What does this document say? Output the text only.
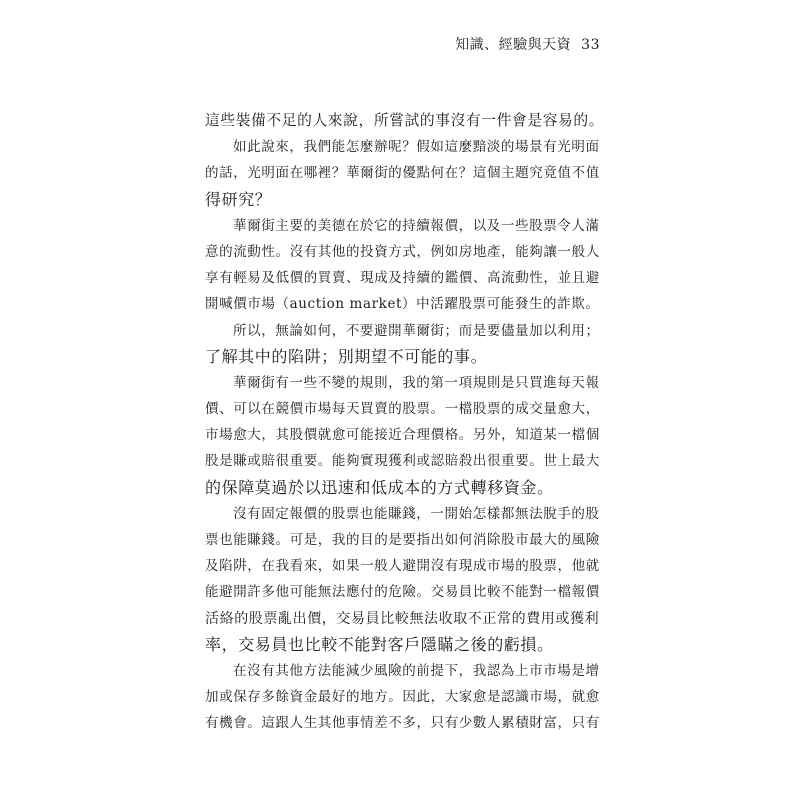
知識、經驗與天資 33
這些裝備不足的人來說，所嘗試的事沒有一件會是容易的。
如此說來，我們能怎麼辦呢？假如這麼黯淡的場景有光明面
的話，光明面在哪裡？華爾街的優點何在？這個主題究竟值不值
得研究？
華爾街主要的美德在於它的持續報價，以及一些股票令人滿
意的流動性。沒有其他的投資方式，例如房地產，能夠讓一般人
享有輕易及低價的買賣、現成及持續的鑑價、高流動性，並且避
開喊價市場（auction market）中活躍股票可能發生的詐欺。
所以，無論如何，不要避開華爾街；而是要儘量加以利用；
了解其中的陷阱；別期望不可能的事。
華爾街有一些不變的規則，我的第一項規則是只買進每天報
價、可以在競價市場每天買賣的股票。一檔股票的成交量愈大，
市場愈大，其股價就愈可能接近合理價格。另外，知道某一檔個
股是賺或賠很重要。能夠實現獲利或認賠殺出很重要。世上最大
的保障莫過於以迅速和低成本的方式轉移資金。
沒有固定報價的股票也能賺錢，一開始怎樣都無法脫手的股
票也能賺錢。可是，我的目的是要指出如何消除股市最大的風險
及陷阱，在我看來，如果一般人避開沒有現成市場的股票，他就
能避開許多他可能無法應付的危險。交易員比較不能對一檔報價
活絡的股票亂出價，交易員比較無法收取不正常的費用或獲利
率，交易員也比較不能對客戶隱瞞之後的虧損。
在沒有其他方法能減少風險的前提下，我認為上市市場是增
加或保存多餘資金最好的地方。因此，大家愈是認識市場，就愈
有機會。這跟人生其他事情差不多，只有少數人累積財富，只有
